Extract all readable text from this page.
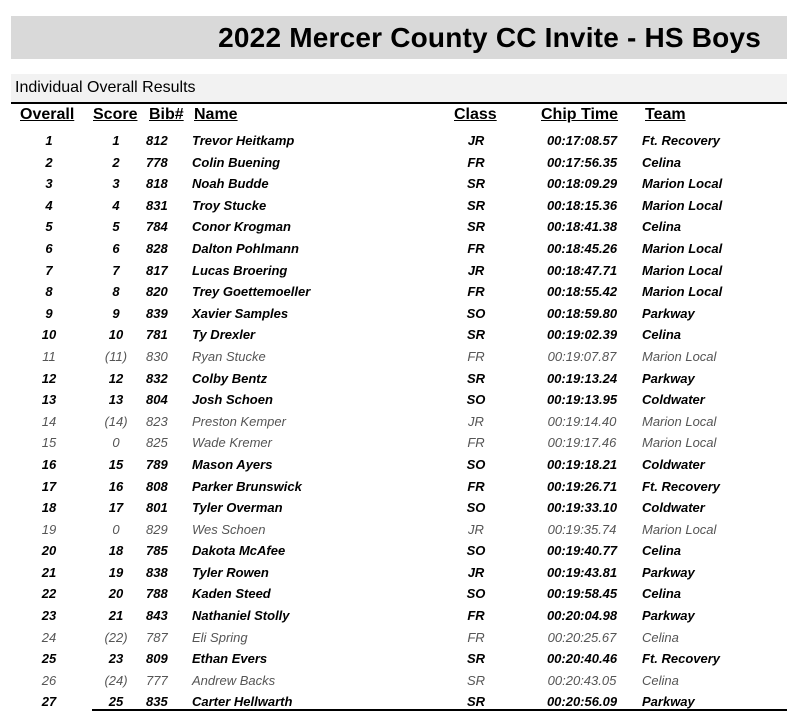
2022 Mercer County CC Invite - HS Boys
Individual Overall Results
Overall Score Bib# Name	Class	Chip Time Team
1	1	812	Trevor Heitkamp	JR	00:17:08.57	Ft. Recovery
2	2	778	Colin Buening	FR	00:17:56.35	Celina
3	3	818	Noah Budde	SR	00:18:09.29	Marion Local
4	4	831	Troy Stucke	SR	00:18:15.36	Marion Local
5	5	784	Conor Krogman	SR	00:18:41.38	Celina
6	6	828	Dalton Pohlmann	FR	00:18:45.26	Marion Local
7	7	817	Lucas Broering	JR	00:18:47.71	Marion Local
8	8	820	Trey Goettemoeller	FR	00:18:55.42	Marion Local
9	9	839	Xavier Samples	SO	00:18:59.80	Parkway
10	10	781	Ty Drexler	SR	00:19:02.39	Celina
11	(11)	830	Ryan Stucke	FR	00:19:07.87	Marion Local
12	12	832	Colby Bentz	SR	00:19:13.24	Parkway
13	13	804	Josh Schoen	SO	00:19:13.95	Coldwater
14	(14)	823	Preston Kemper	JR	00:19:14.40	Marion Local
15	0	825	Wade Kremer	FR	00:19:17.46	Marion Local
16	15	789	Mason Ayers	SO	00:19:18.21	Coldwater
17	16	808	Parker Brunswick	FR	00:19:26.71	Ft. Recovery
18	17	801	Tyler Overman	SO	00:19:33.10	Coldwater
19	0	829	Wes Schoen	JR	00:19:35.74	Marion Local
20	18	785	Dakota McAfee	SO	00:19:40.77	Celina
21	19	838	Tyler Rowen	JR	00:19:43.81	Parkway
22	20	788	Kaden Steed	SO	00:19:58.45	Celina
23	21	843	Nathaniel Stolly	FR	00:20:04.98	Parkway
24	(22)	787	Eli Spring	FR	00:20:25.67	Celina
25	23	809	Ethan Evers	SR	00:20:40.46	Ft. Recovery
26	(24)	777	Andrew Backs	SR	00:20:43.05	Celina
27	25	835	Carter Hellwarth	SR	00:20:56.09	Parkway
